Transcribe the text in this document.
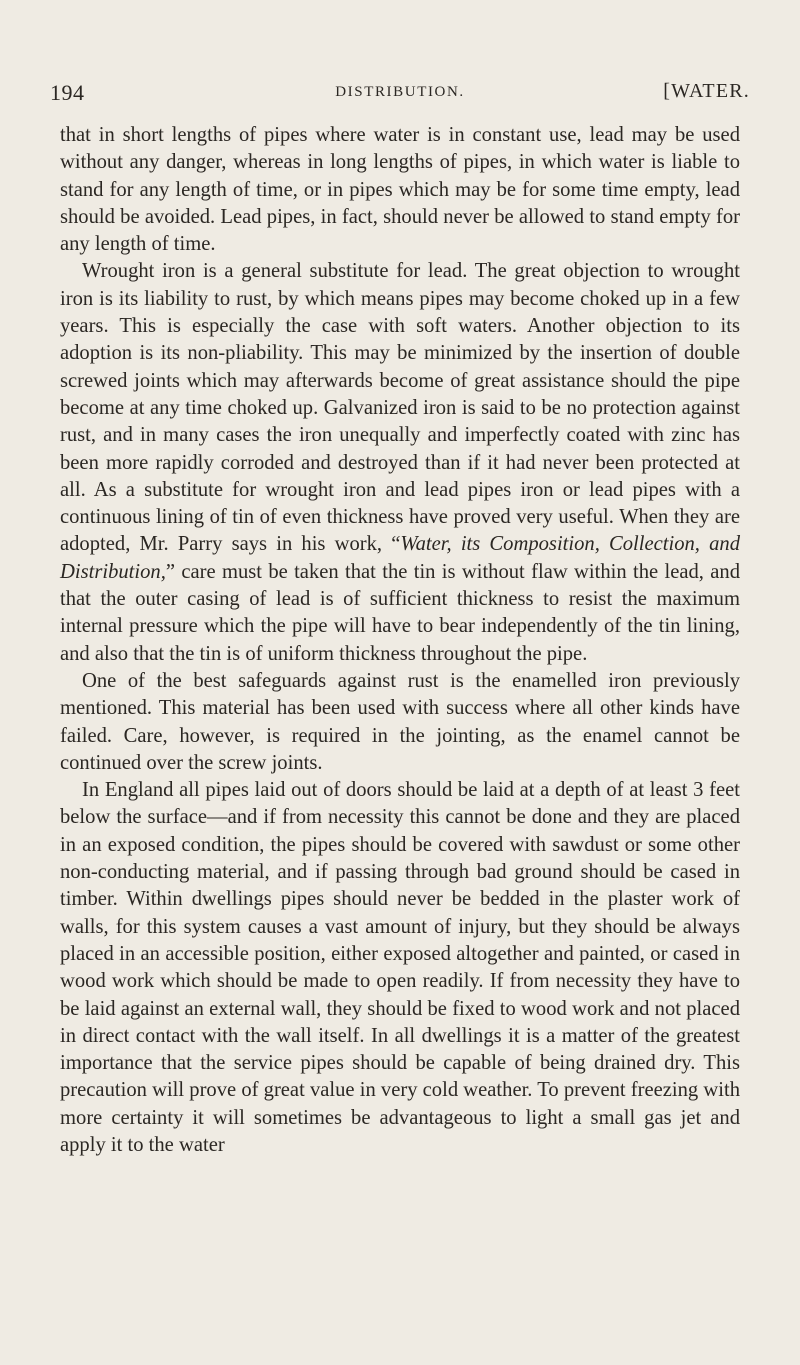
194	DISTRIBUTION.	[WATER.

that in short lengths of pipes where water is in constant use, lead may be used without any danger, whereas in long lengths of pipes, in which water is liable to stand for any length of time, or in pipes which may be for some time empty, lead should be avoided. Lead pipes, in fact, should never be allowed to stand empty for any length of time.

Wrought iron is a general substitute for lead. The great objection to wrought iron is its liability to rust, by which means pipes may become choked up in a few years. This is especially the case with soft waters. Another objection to its adoption is its non-pliability. This may be minimized by the insertion of double screwed joints which may afterwards become of great assistance should the pipe become at any time choked up. Galvanized iron is said to be no protection against rust, and in many cases the iron unequally and imperfectly coated with zinc has been more rapidly corroded and destroyed than if it had never been protected at all. As a substitute for wrought iron and lead pipes iron or lead pipes with a continuous lining of tin of even thickness have proved very useful. When they are adopted, Mr. Parry says in his work, “Water, its Composition, Collection, and Distribution,” care must be taken that the tin is without flaw within the lead, and that the outer casing of lead is of sufficient thickness to resist the maximum internal pressure which the pipe will have to bear independently of the tin lining, and also that the tin is of uniform thickness throughout the pipe.

One of the best safeguards against rust is the enamelled iron previously mentioned. This material has been used with success where all other kinds have failed. Care, however, is required in the jointing, as the enamel cannot be continued over the screw joints.

In England all pipes laid out of doors should be laid at a depth of at least 3 feet below the surface—and if from necessity this cannot be done and they are placed in an exposed condition, the pipes should be covered with sawdust or some other non-conducting material, and if passing through bad ground should be cased in timber. Within dwellings pipes should never be bedded in the plaster work of walls, for this system causes a vast amount of injury, but they should be always placed in an accessible position, either exposed altogether and painted, or cased in wood work which should be made to open readily. If from necessity they have to be laid against an external wall, they should be fixed to wood work and not placed in direct contact with the wall itself. In all dwellings it is a matter of the greatest importance that the service pipes should be capable of being drained dry. This precaution will prove of great value in very cold weather. To prevent freezing with more certainty it will sometimes be advantageous to light a small gas jet and apply it to the water
